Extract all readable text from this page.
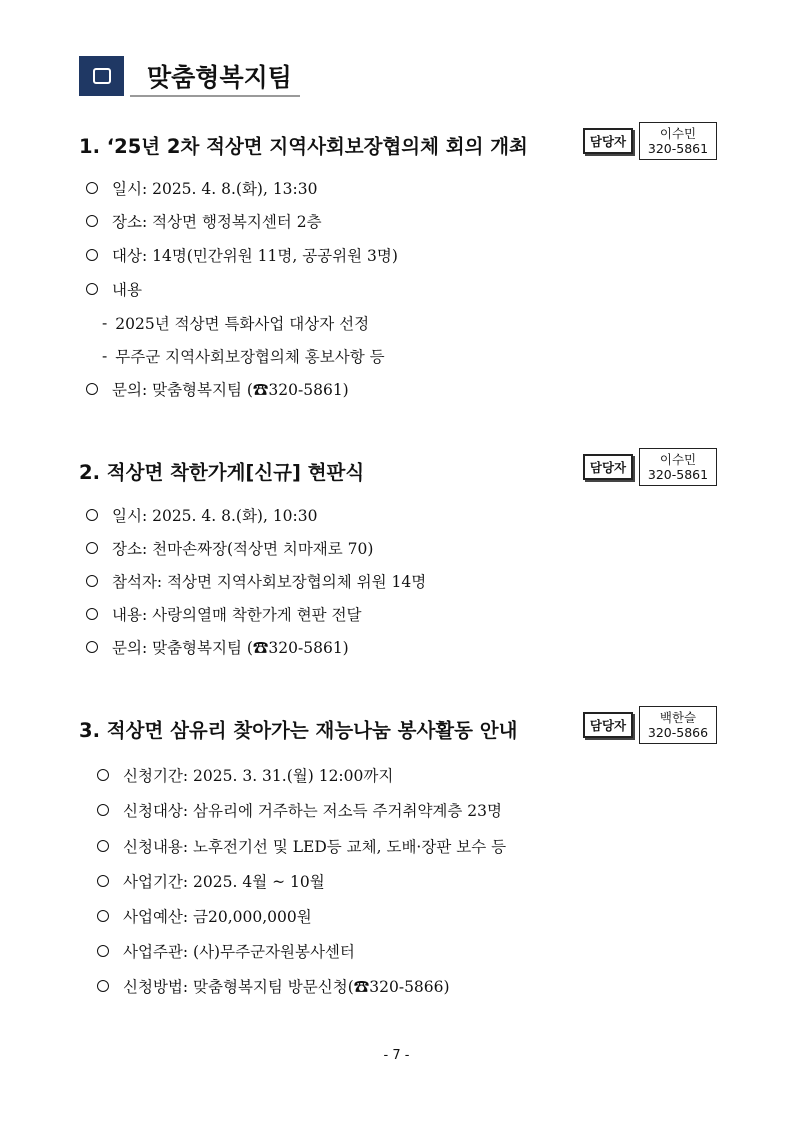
맞춤형복지팀
1. ‘25년 2차 적상면 지역사회보장협의체 회의 개최	담당자
이수민
320-5861
일시: 2025. 4. 8.(화), 13:30
장소: 적상면 행정복지센터 2층
대상: 14명(민간위원 11명, 공공위원 3명)
내용
- 2025년 적상면 특화사업 대상자 선정
- 무주군 지역사회보장협의체 홍보사항 등
문의: 맞춤형복지팀 (☎320-5861)
2. 적상면 착한가게[신규] 현판식	담당자
이수민
320-5861
일시: 2025. 4. 8.(화), 10:30
장소: 천마손짜장(적상면 치마재로 70)
참석자: 적상면 지역사회보장협의체 위원 14명
내용: 사랑의열매 착한가게 현판 전달
문의: 맞춤형복지팀 (☎320-5861)
3. 적상면 삼유리 찾아가는 재능나눔 봉사활동 안내	담당자
백한슬
320-5866
신청기간: 2025. 3. 31.(월) 12:00까지
신청대상: 삼유리에 거주하는 저소득 주거취약계층 23명
신청내용: 노후전기선 및 LED등 교체, 도배·장판 보수 등
사업기간: 2025. 4월 ~ 10월
사업예산: 금20,000,000원
사업주관: (사)무주군자원봉사센터
신청방법: 맞춤형복지팀 방문신청(☎320-5866)
- 7 -
